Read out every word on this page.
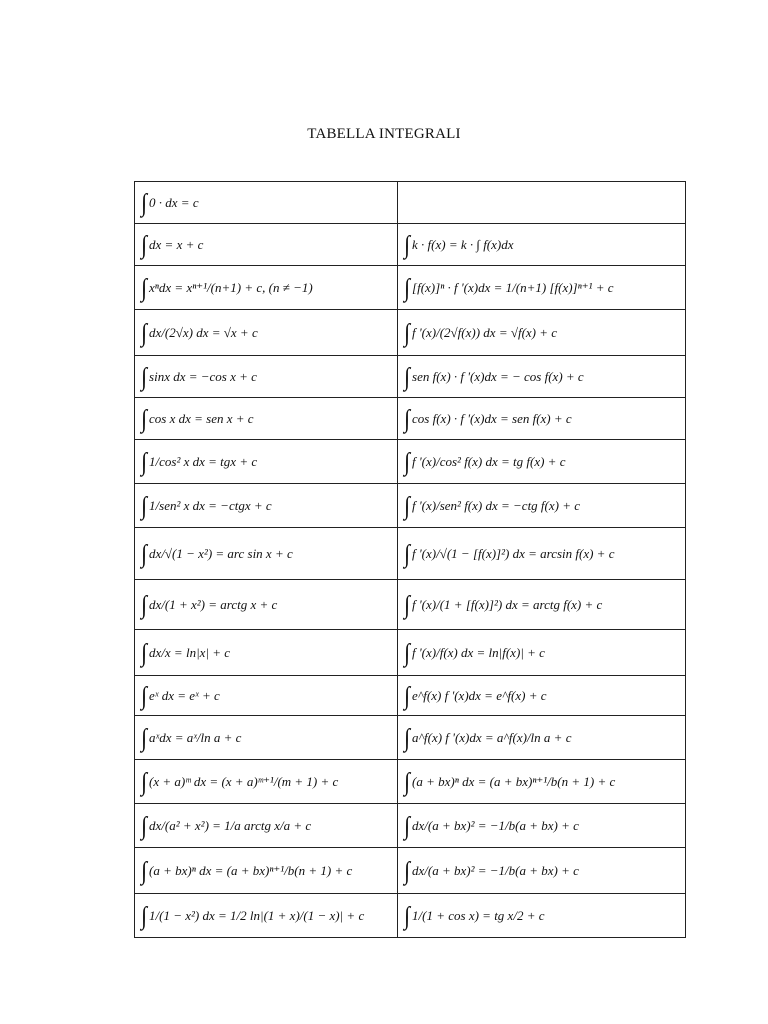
TABELLA INTEGRALI
∫ 0 · dx = c	
∫ dx = x + c	∫ k · f(x) = k · ∫ f(x)dx
∫ xⁿdx = xⁿ⁺¹/(n+1) + c, (n ≠ −1)	∫ [f(x)]ⁿ · f '(x)dx = 1/(n+1) [f(x)]ⁿ⁺¹ + c
∫ dx/(2√x) dx = √x + c	∫ f '(x)/(2√f(x)) dx = √f(x) + c
∫ sinx dx = −cos x + c	∫ sen f(x) · f '(x)dx = − cos f(x) + c
∫ cos x dx = sen x + c	∫ cos f(x) · f '(x)dx = sen f(x) + c
∫ 1/cos² x dx = tgx + c	∫ f '(x)/cos² f(x) dx = tg f(x) + c
∫ 1/sen² x dx = −ctgx + c	∫ f '(x)/sen² f(x) dx = −ctg f(x) + c
∫ dx/√(1 − x²) = arc sin x + c	∫ f '(x)/√(1 − [f(x)]²) dx = arcsin f(x) + c
∫ dx/(1 + x²) = arctg x + c	∫ f '(x)/(1 + [f(x)]²) dx = arctg f(x) + c
∫ dx/x = ln|x| + c	∫ f '(x)/f(x) dx = ln|f(x)| + c
∫ eˣ dx = eˣ + c	∫ e^f(x) f '(x)dx = e^f(x) + c
∫ aˣdx = aˣ/ln a + c	∫ a^f(x) f '(x)dx = a^f(x)/ln a + c
∫ (x + a)ᵐ dx = (x + a)ᵐ⁺¹/(m + 1) + c	∫ (a + bx)ⁿ dx = (a + bx)ⁿ⁺¹/b(n + 1) + c
∫ dx/(a² + x²) = 1/a arctg x/a + c	∫ dx/(a + bx)² = −1/b(a + bx) + c
∫ (a + bx)ⁿ dx = (a + bx)ⁿ⁺¹/b(n + 1) + c	∫ dx/(a + bx)² = −1/b(a + bx) + c
∫ 1/(1 − x²) dx = 1/2 ln|(1 + x)/(1 − x)| + c	∫ 1/(1 + cos x) = tg x/2 + c
